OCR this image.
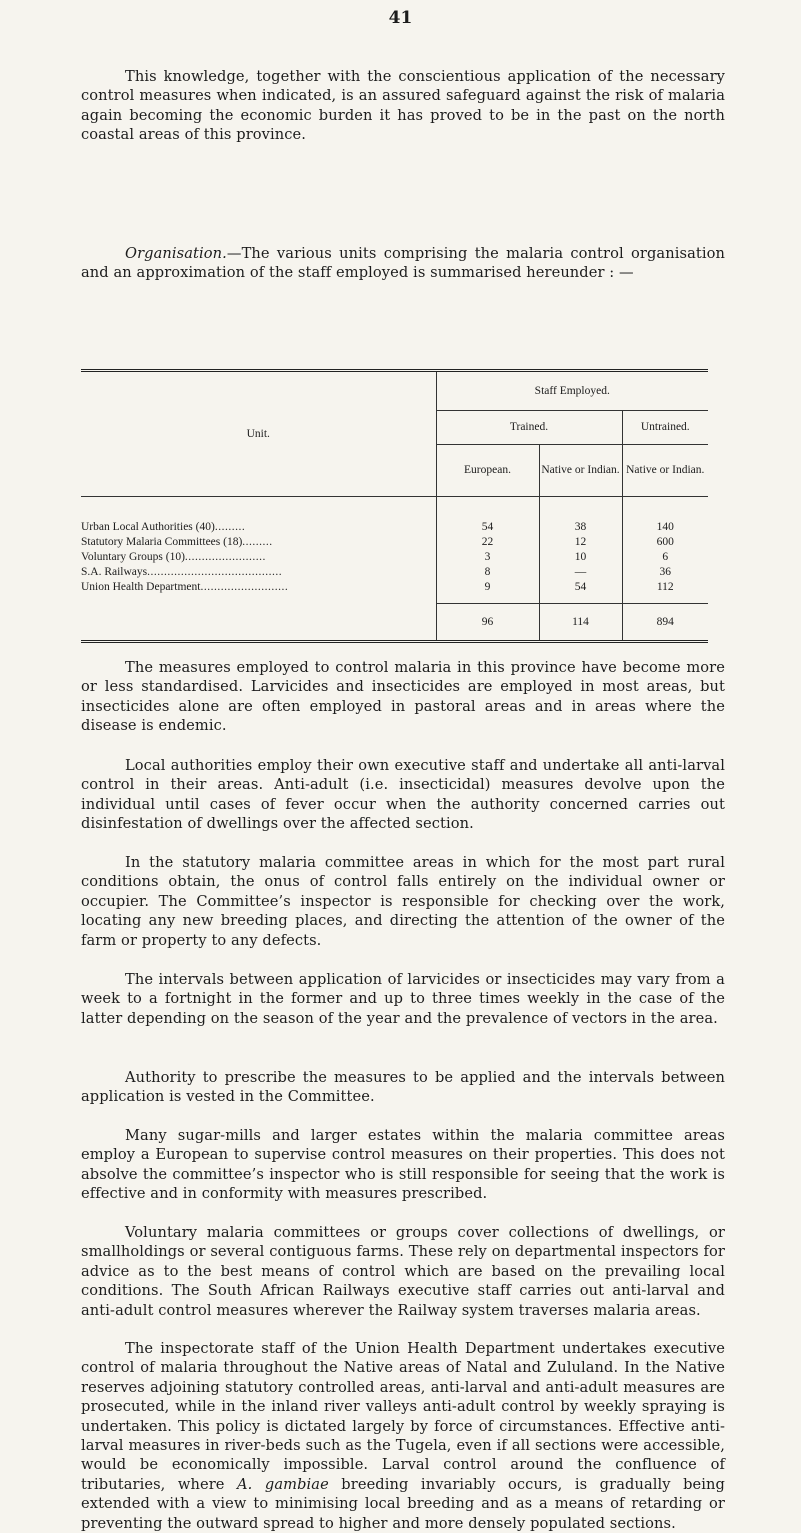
41

This knowledge, together with the conscientious application of the necessary control measures when indicated, is an assured safeguard against the risk of malaria again becoming the economic burden it has proved to be in the past on the north coastal areas of this province.

Organisation.—The various units comprising the malaria control organisation and an approximation of the staff employed is summarised hereunder : —

Unit.	Staff Employed.		
	Trained.		Untrained.
	European.	Native or Indian.	Native or Indian.

Urban Local Authorities (40).........	54	38	140
Statutory Malaria Committees (18).........	22	12	600
Voluntary Groups (10)........................	3	10	6
S.A. Railways........................................	8	—	36
Union Health Department..........................	9	54	112

	96	114	894

The measures employed to control malaria in this province have become more or less standardised. Larvicides and insecticides are employed in most areas, but insecticides alone are often employed in pastoral areas and in areas where the disease is endemic.

Local authorities employ their own executive staff and undertake all anti-larval control in their areas. Anti-adult (i.e. insecticidal) measures devolve upon the individual until cases of fever occur when the authority concerned carries out disinfestation of dwellings over the affected section.

In the statutory malaria committee areas in which for the most part rural conditions obtain, the onus of control falls entirely on the individual owner or occupier. The Committee’s inspector is responsible for checking over the work, locating any new breeding places, and directing the attention of the owner of the farm or property to any defects.

The intervals between application of larvicides or insecticides may vary from a week to a fortnight in the former and up to three times weekly in the case of the latter depending on the season of the year and the prevalence of vectors in the area.

Authority to prescribe the measures to be applied and the intervals between application is vested in the Committee.

Many sugar-mills and larger estates within the malaria committee areas employ a European to supervise control measures on their properties. This does not absolve the committee’s inspector who is still responsible for seeing that the work is effective and in conformity with measures prescribed.

Voluntary malaria committees or groups cover collections of dwellings, or smallholdings or several contiguous farms. These rely on departmental inspectors for advice as to the best means of control which are based on the prevailing local conditions. The South African Railways executive staff carries out anti-larval and anti-adult control measures wherever the Railway system traverses malaria areas.

The inspectorate staff of the Union Health Department undertakes executive control of malaria throughout the Native areas of Natal and Zululand. In the Native reserves adjoining statutory controlled areas, anti-larval and anti-adult measures are prosecuted, while in the inland river valleys anti-adult control by weekly spraying is undertaken. This policy is dictated largely by force of circumstances. Effective anti-larval measures in river-beds such as the Tugela, even if all sections were accessible, would be economically impossible. Larval control around the confluence of tributaries, where A. gambiae breeding invariably occurs, is gradually being extended with a view to minimising local breeding and as a means of retarding or preventing the outward spread to higher and more densely populated sections.
